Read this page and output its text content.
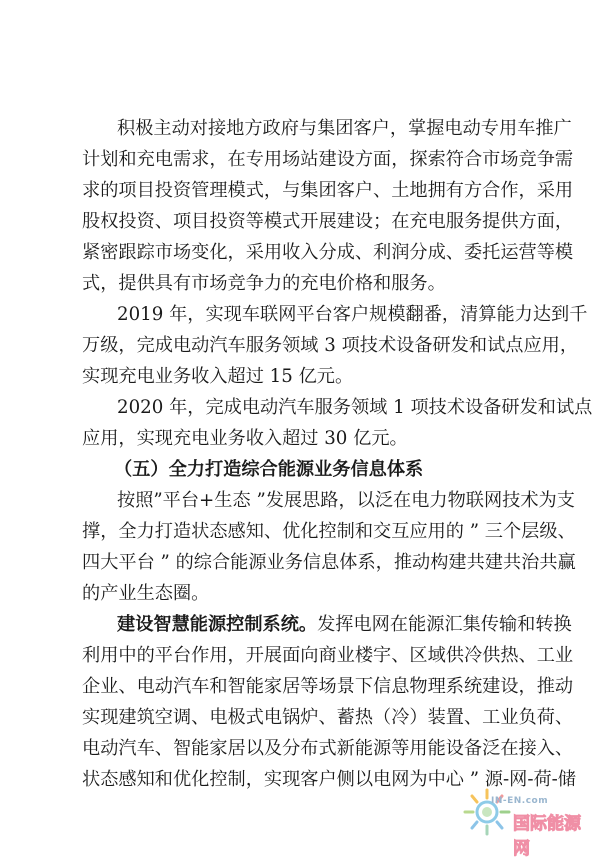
积极主动对接地方政府与集团客户，掌握电动专用车推广
计划和充电需求，在专用场站建设方面，探索符合市场竞争需
求的项目投资管理模式，与集团客户、土地拥有方合作，采用
股权投资、项目投资等模式开展建设；在充电服务提供方面，
紧密跟踪市场变化，采用收入分成、利润分成、委托运营等模
式，提供具有市场竞争力的充电价格和服务。
2019 年，实现车联网平台客户规模翻番，清算能力达到千
万级，完成电动汽车服务领域 3 项技术设备研发和试点应用，
实现充电业务收入超过 15 亿元。
2020 年，完成电动汽车服务领域 1 项技术设备研发和试点
应用，实现充电业务收入超过 30 亿元。
（五）全力打造综合能源业务信息体系
按照”平台+生态 ”发展思路，以泛在电力物联网技术为支
撑，全力打造状态感知、优化控制和交互应用的 ” 三个层级、
四大平台 ” 的综合能源业务信息体系，推动构建共建共治共赢
的产业生态圈。
建设智慧能源控制系统。 发挥电网在能源汇集传输和转换
利用中的平台作用，开展面向商业楼宇、区域供冷供热、工业
企业、电动汽车和智能家居等场景下信息物理系统建设，推动
实现建筑空调、电极式电锅炉、蓄热（冷）装置、工业负荷、
电动汽车、智能家居以及分布式新能源等用能设备泛在接入、
状态感知和优化控制，实现客户侧以电网为中心 ” 源-网-荷-储
IN-EN.com
国际能源网
